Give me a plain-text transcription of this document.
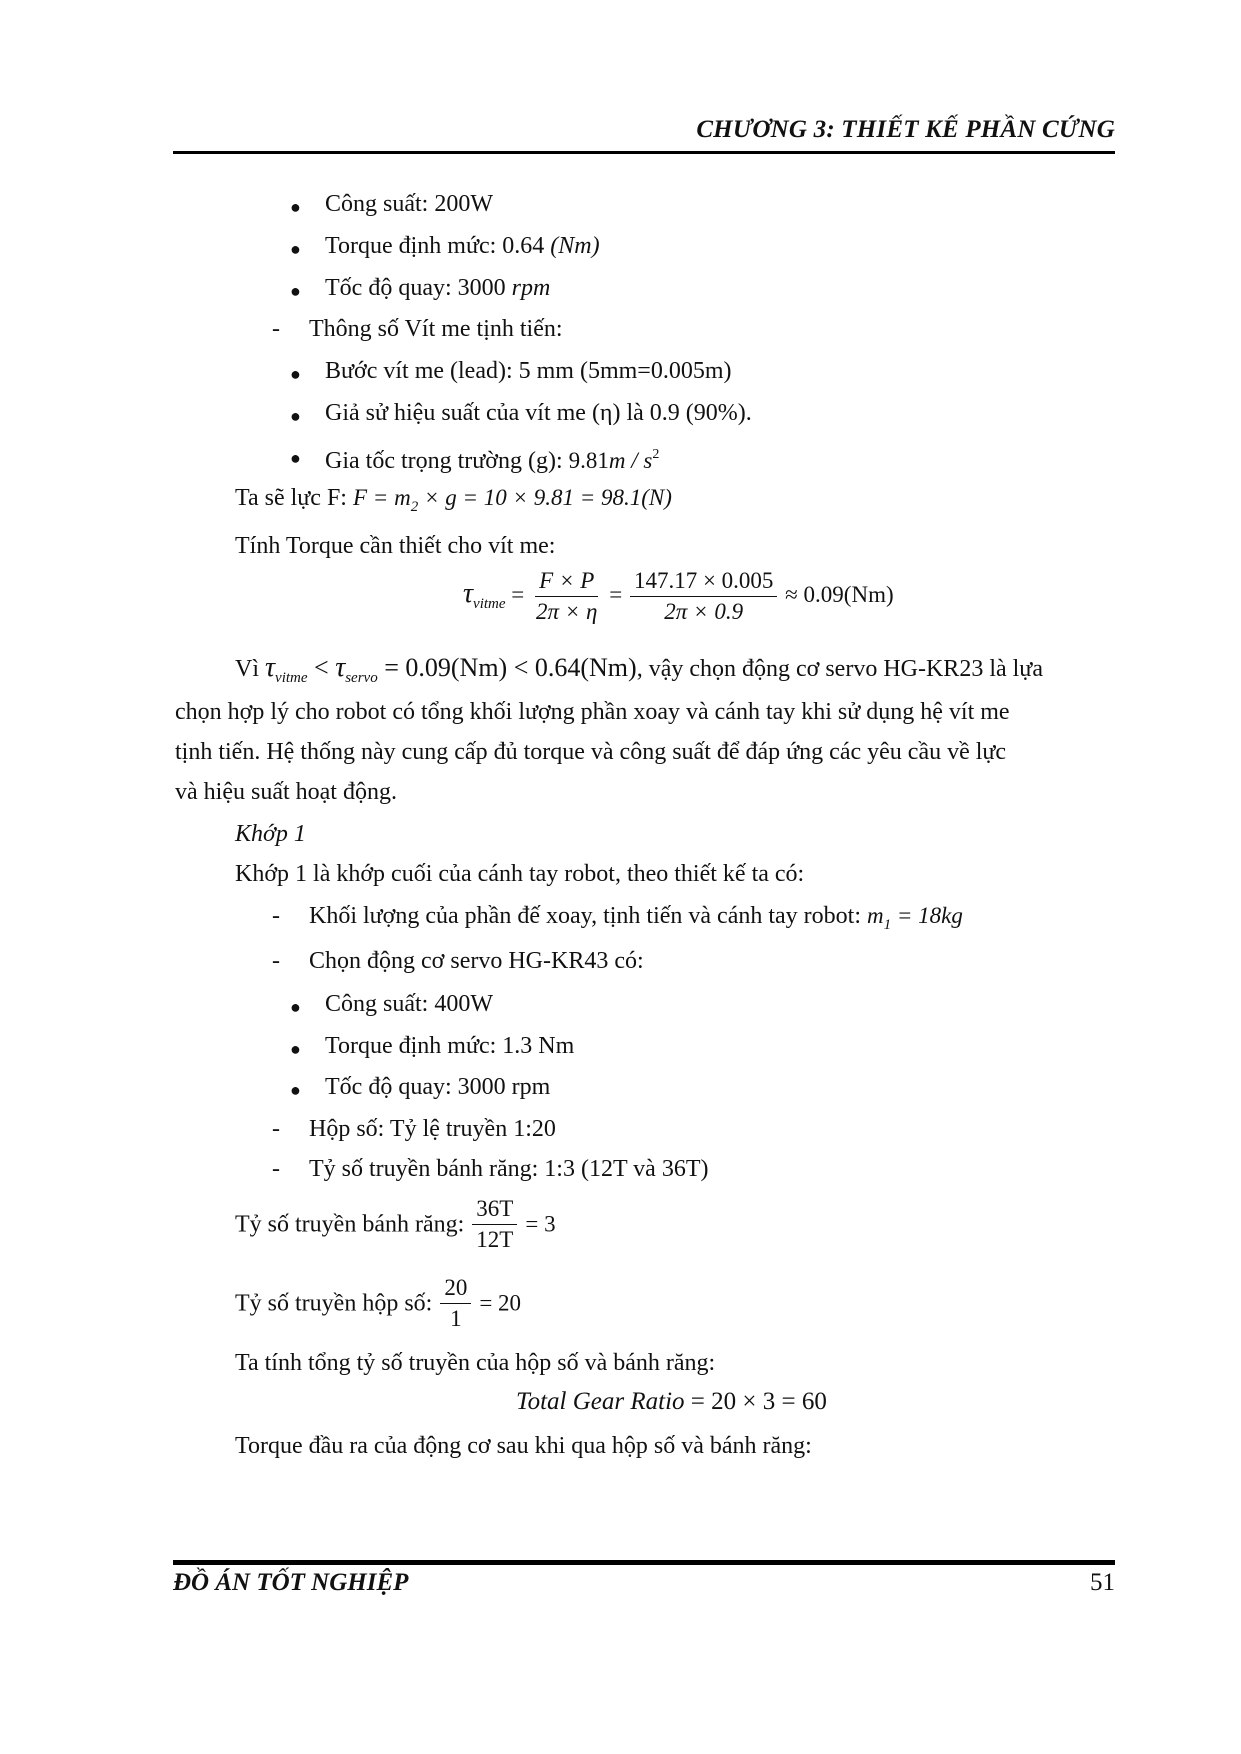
CHƯƠNG 3: THIẾT KẾ PHẦN CỨNG
● Công suất: 200W
● Torque định mức: 0.64 (Nm)
● Tốc độ quay: 3000 rpm
- Thông số Vít me tịnh tiến:
● Bước vít me (lead): 5 mm (5mm=0.005m)
● Giả sử hiệu suất của vít me (η) là 0.9 (90%).
● Gia tốc trọng trường (g): $9.81m / s^2$
Ta sẽ lực F: $F = m_2 \times g = 10 \times 9.81 = 98.1(N)$
Tính Torque cần thiết cho vít me:
$\tau_{vitme} = \frac{F \times P}{2\pi \times \eta} = \frac{147.17 \times 0.005}{2\pi \times 0.9} \approx 0.09(Nm)$
Vì $\tau_{vitme} < \tau_{servo} = 0.09(Nm) < 0.64(Nm)$, vậy chọn động cơ servo HG-KR23 là lựa
chọn hợp lý cho robot có tổng khối lượng phần xoay và cánh tay khi sử dụng hệ vít me
tịnh tiến. Hệ thống này cung cấp đủ torque và công suất để đáp ứng các yêu cầu về lực
và hiệu suất hoạt động.
Khớp 1
Khớp 1 là khớp cuối của cánh tay robot, theo thiết kế ta có:
- Khối lượng của phần đế xoay, tịnh tiến và cánh tay robot: $m_1 = 18kg$
- Chọn động cơ servo HG-KR43 có:
● Công suất: 400W
● Torque định mức: 1.3 Nm
● Tốc độ quay: 3000 rpm
- Hộp số: Tỷ lệ truyền 1:20
- Tỷ số truyền bánh răng: 1:3 (12T và 36T)
Tỷ số truyền bánh răng: $\frac{36T}{12T} = 3$
Tỷ số truyền hộp số: $\frac{20}{1} = 20$
Ta tính tổng tỷ số truyền của hộp số và bánh răng:
Total Gear Ratio = 20 × 3 = 60
Torque đầu ra của động cơ sau khi qua hộp số và bánh răng:
ĐỒ ÁN TỐT NGHIỆP	51
